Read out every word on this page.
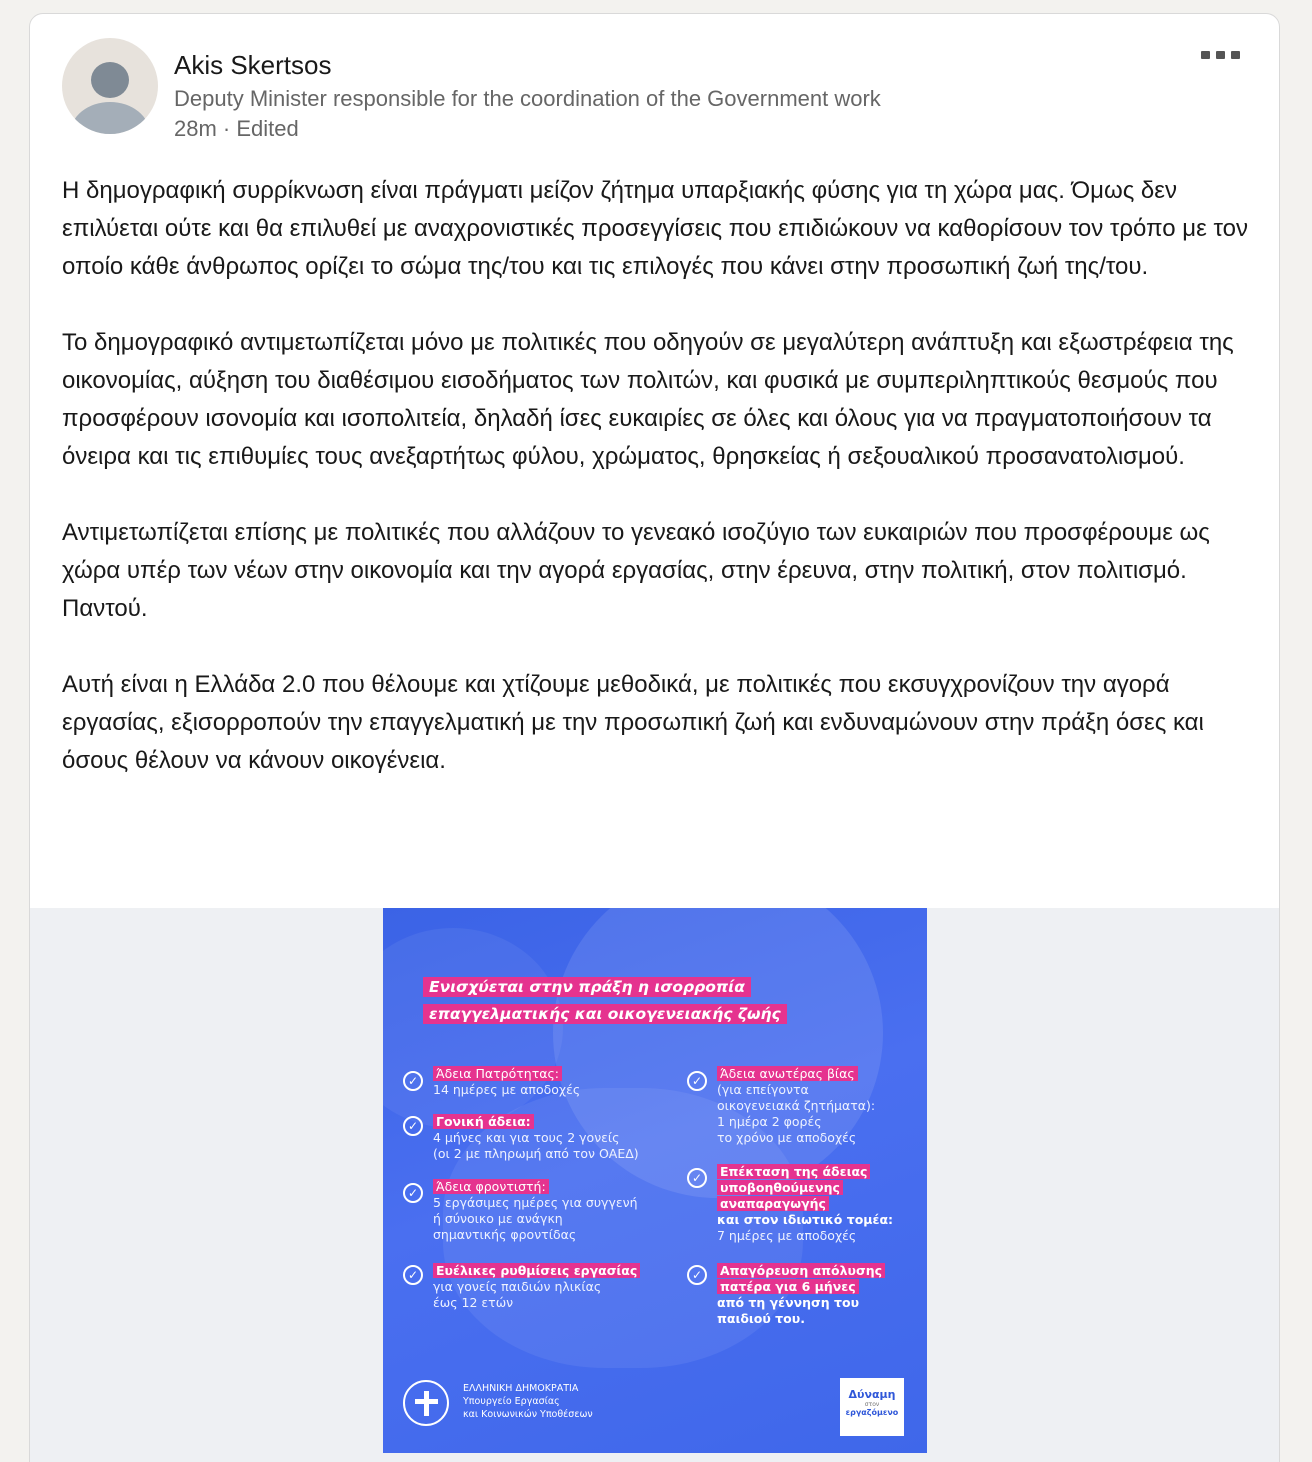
Akis Skertsos
Deputy Minister responsible for the coordination of the Government work
28m · Edited

Η δημογραφική συρρίκνωση είναι πράγματι μείζον ζήτημα υπαρξιακής φύσης για τη χώρα μας. Όμως δεν επιλύεται ούτε και θα επιλυθεί με αναχρονιστικές προσεγγίσεις που επιδιώκουν να καθορίσουν τον τρόπο με τον οποίο κάθε άνθρωπος ορίζει το σώμα της/του και τις επιλογές που κάνει στην προσωπική ζωή της/του.

Το δημογραφικό αντιμετωπίζεται μόνο με πολιτικές που οδηγούν σε μεγαλύτερη ανάπτυξη και εξωστρέφεια της οικονομίας, αύξηση του διαθέσιμου εισοδήματος των πολιτών, και φυσικά με συμπεριληπτικούς θεσμούς που προσφέρουν ισονομία και ισοπολιτεία, δηλαδή ίσες ευκαιρίες σε όλες και όλους για να πραγματοποιήσουν τα όνειρα και τις επιθυμίες τους ανεξαρτήτως φύλου, χρώματος, θρησκείας ή σεξουαλικού προσανατολισμού.

Αντιμετωπίζεται επίσης με πολιτικές που αλλάζουν το γενεακό ισοζύγιο των ευκαιριών που προσφέρουμε ως χώρα υπέρ των νέων στην οικονομία και την αγορά εργασίας, στην έρευνα, στην πολιτική, στον πολιτισμό. Παντού.

Αυτή είναι η Ελλάδα 2.0 που θέλουμε και χτίζουμε μεθοδικά, με πολιτικές που εκσυγχρονίζουν την αγορά εργασίας, εξισορροπούν την επαγγελματική με την προσωπική ζωή και ενδυναμώνουν στην πράξη όσες και όσους θέλουν να κάνουν οικογένεια.

Ενισχύεται στην πράξη η ισορροπία
επαγγελματικής και οικογενειακής ζωής
✓	Άδεια Πατρότητας:
14 ημέρες με αποδοχές
✓	Γονική άδεια:
4 μήνες και για τους 2 γονείς
(οι 2 με πληρωμή από τον ΟΑΕΔ)
✓	Άδεια φροντιστή:
5 εργάσιμες ημέρες για συγγενή
ή σύνοικο με ανάγκη
σημαντικής φροντίδας
✓	Ευέλικες ρυθμίσεις εργασίας
για γονείς παιδιών ηλικίας
έως 12 ετών
✓	Άδεια ανωτέρας βίας
(για επείγοντα
οικογενειακά ζητήματα):
1 ημέρα 2 φορές
το χρόνο με αποδοχές
✓	Επέκταση της άδειας
υποβοηθούμενης
αναπαραγωγής
και στον ιδιωτικό τομέα:
7 ημέρες με αποδοχές
✓	Απαγόρευση απόλυσης
πατέρα για 6 μήνες
από τη γέννηση του
παιδιού του.
ΕΛΛΗΝΙΚΗ ΔΗΜΟΚΡΑΤΙΑ
Υπουργείο Εργασίας
και Κοινωνικών Υποθέσεων
Δύναμη
στον
εργαζόμενο
